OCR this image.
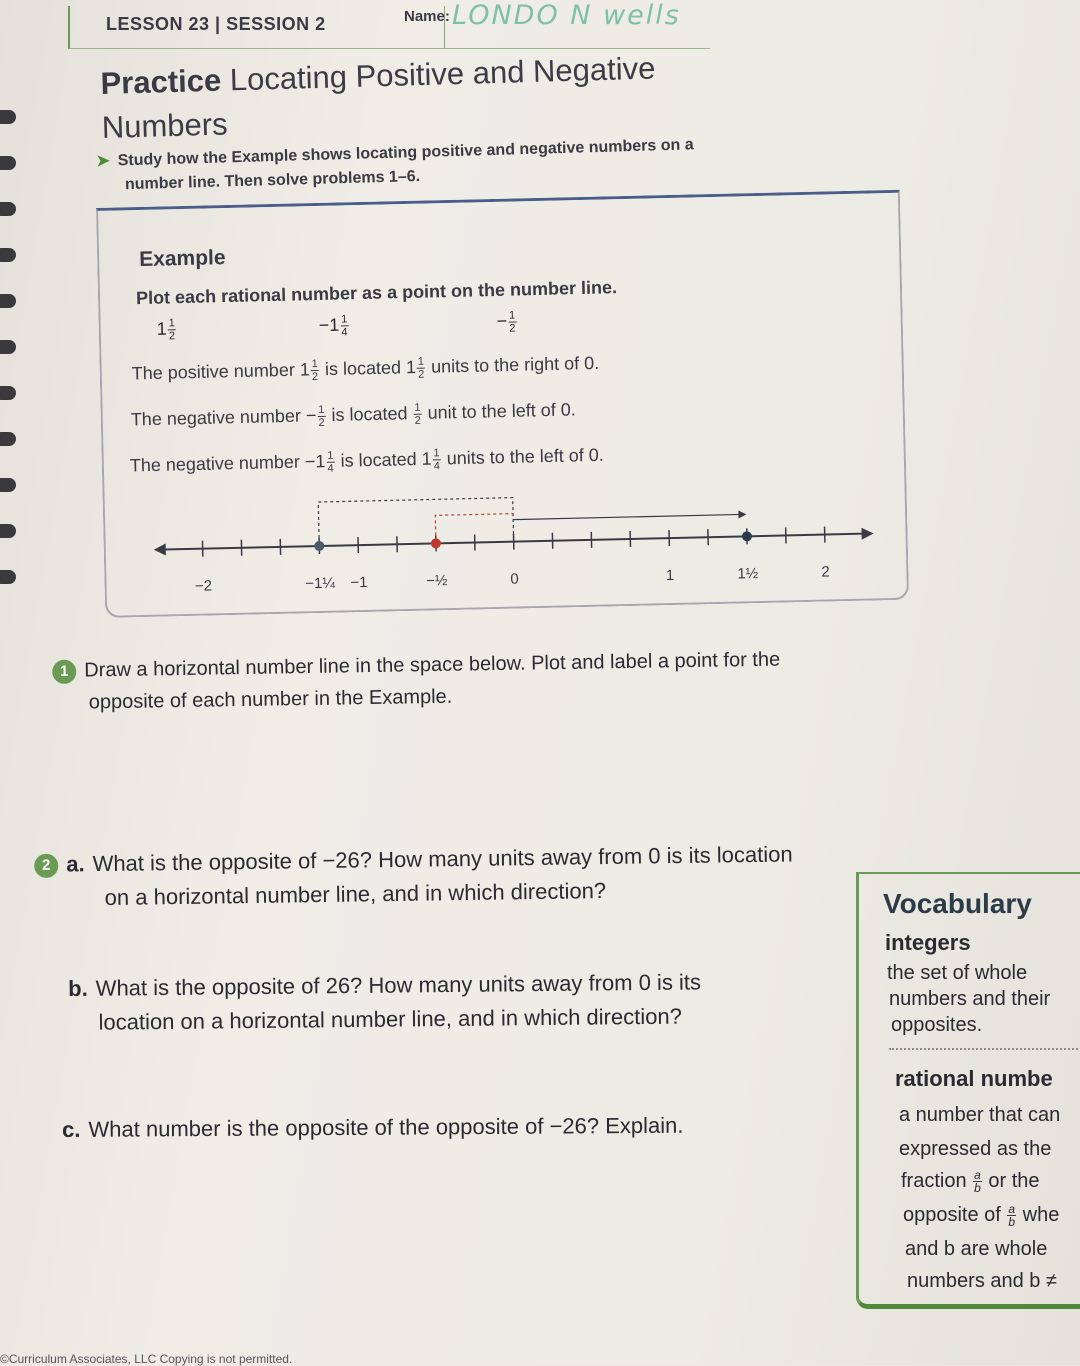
LESSON 23 | SESSION 2	Name: LONDO N wells
Practice Locating Positive and Negative
Numbers
➤ Study how the Example shows locating positive and negative numbers on a
number line. Then solve problems 1–6.
Example
Plot each rational number as a point on the number line.
$1 \frac{1}{2}$	$-1 \frac{1}{4}$	− $\frac{1}{2}$
The positive number $1 \frac{1}{2}$ is located $1 \frac{1}{2}$ units to the right of 0.
The negative number − $\frac{1}{2}$ is located $\frac{1}{2}$ unit to the left of 0.
The negative number $-1 \frac{1}{4}$ is located $1 \frac{1}{4}$ units to the left of 0.
−2	−1¼ −1	−½	0	1	1½	2
1 Draw a horizontal number line in the space below. Plot and label a point for the
opposite of each number in the Example.
2 a. What is the opposite of −26? How many units away from 0 is its location
on a horizontal number line, and in which direction?
b. What is the opposite of 26? How many units away from 0 is its
location on a horizontal number line, and in which direction?
c. What number is the opposite of the opposite of −26? Explain.
Vocabulary
integers
the set of whole
numbers and their
opposites.
rational numbe
a number that can
expressed as the
fraction $\frac{a}{b}$ or the
opposite of $\frac{a}{b}$ whe
and b are whole
numbers and b ≠
©Curriculum Associates, LLC Copying is not permitted.
